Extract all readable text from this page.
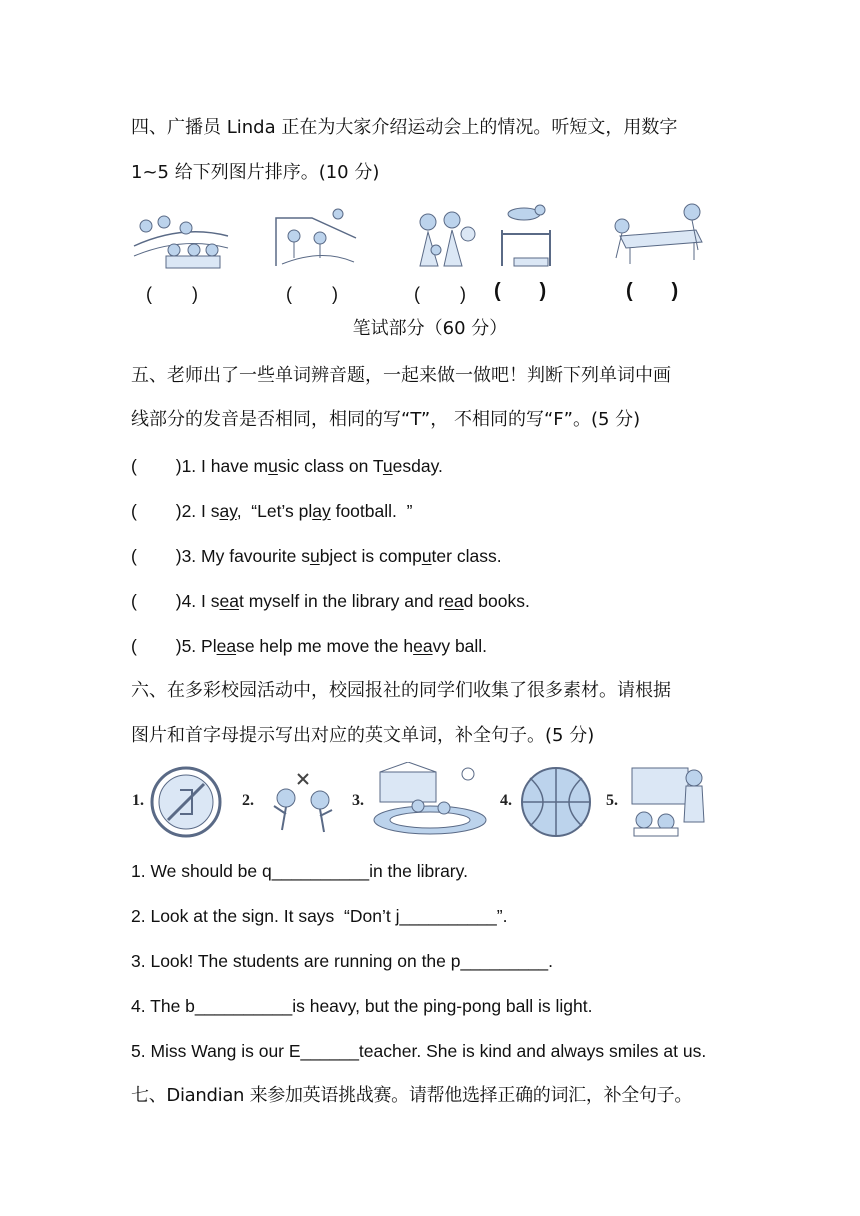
四、广播员 Linda 正在为大家介绍运动会上的情况。听短文，用数字
1~5 给下列图片排序。(10 分)
(        )	(        )	(        ) (       )	(       )
笔试部分（60 分）
五、老师出了一些单词辨音题，一起来做一做吧！判断下列单词中画
线部分的发音是否相同，相同的写“T”， 不相同的写“F”。(5 分)
(        )1. I have music class on Tuesday.
(        )2. I say,  “Let’s play football.  ”
(        )3. My favourite subject is computer class.
(        )4. I seat myself in the library and read books.
(        )5. Please help me move the heavy ball.
六、在多彩校园活动中，校园报社的同学们收集了很多素材。请根据
图片和首字母提示写出对应的英文单词，补全句子。(5 分)
1.	2.	3.	4.	5.
1. We should be q__________in the library.
2. Look at the sign. It says  “Don’t j__________”.
3. Look! The students are running on the p_________.
4. The b__________is heavy, but the ping-pong ball is light.
5. Miss Wang is our E______teacher. She is kind and always smiles at us.
七、Diandian 来参加英语挑战赛。请帮他选择正确的词汇，补全句子。
